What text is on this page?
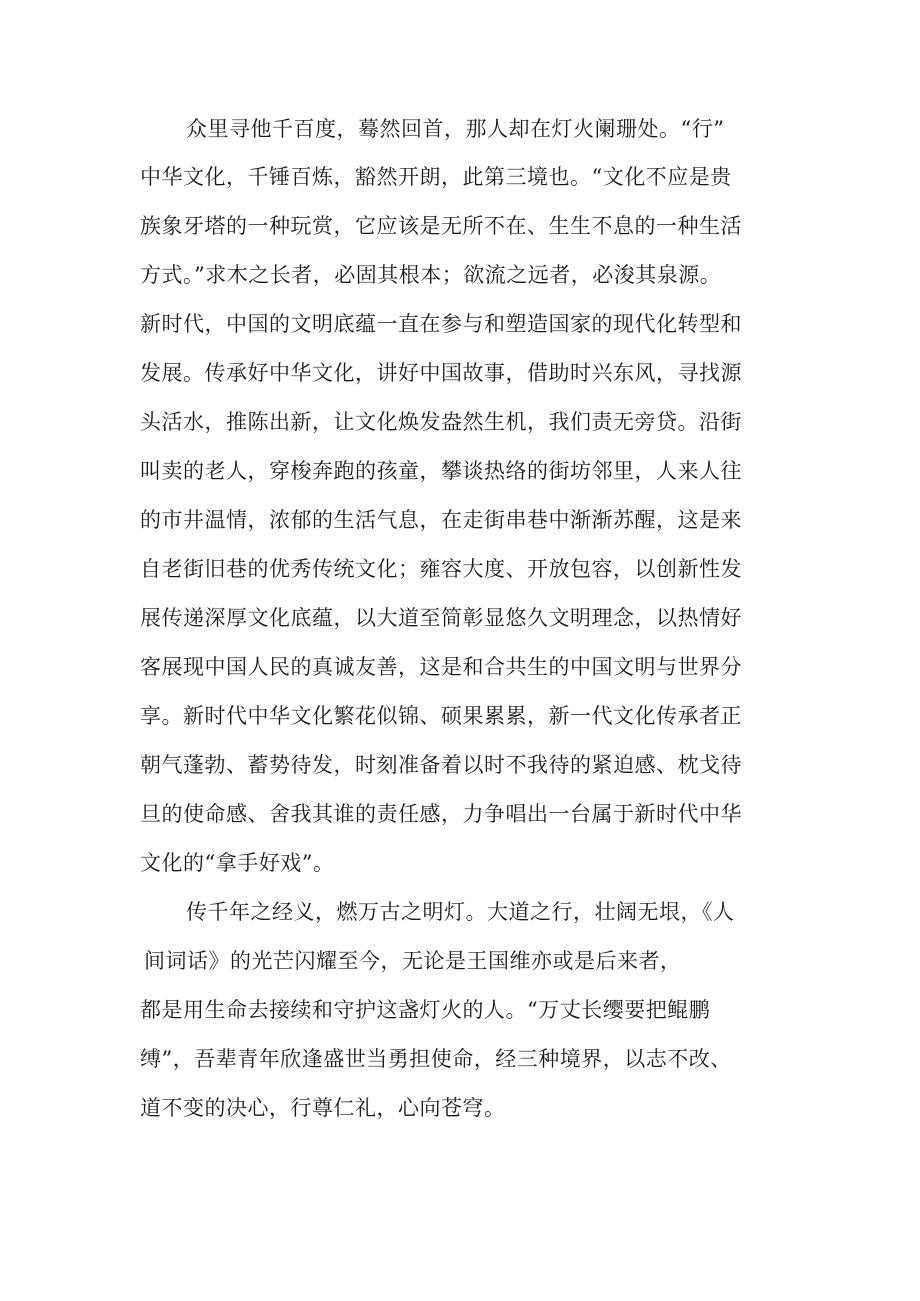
众里寻他千百度，蓦然回首，那人却在灯火阑珊处。“行”
中华文化，千锤百炼，豁然开朗，此第三境也。“文化不应是贵
族象牙塔的一种玩赏，它应该是无所不在、生生不息的一种生活
方式。”求木之长者，必固其根本；欲流之远者，必浚其泉源。
新时代，中国的文明底蕴一直在参与和塑造国家的现代化转型和
发展。传承好中华文化，讲好中国故事，借助时兴东风，寻找源
头活水，推陈出新，让文化焕发盎然生机，我们责无旁贷。沿街
叫卖的老人，穿梭奔跑的孩童，攀谈热络的街坊邻里，人来人往
的市井温情，浓郁的生活气息，在走街串巷中渐渐苏醒，这是来
自老街旧巷的优秀传统文化；雍容大度、开放包容，以创新性发
展传递深厚文化底蕴，以大道至简彰显悠久文明理念，以热情好
客展现中国人民的真诚友善，这是和合共生的中国文明与世界分
享。新时代中华文化繁花似锦、硕果累累，新一代文化传承者正
朝气蓬勃、蓄势待发，时刻准备着以时不我待的紧迫感、枕戈待
旦的使命感、舍我其谁的责任感，力争唱出一台属于新时代中华
文化的“拿手好戏”。
传千年之经义，燃万古之明灯。大道之行，壮阔无垠，《人
间词话》的光芒闪耀至今，无论是王国维亦或是后来者，
都是用生命去接续和守护这盏灯火的人。“万丈长缨要把鲲鹏
缚”，吾辈青年欣逢盛世当勇担使命，经三种境界，以志不改、
道不变的决心，行尊仁礼，心向苍穹。
